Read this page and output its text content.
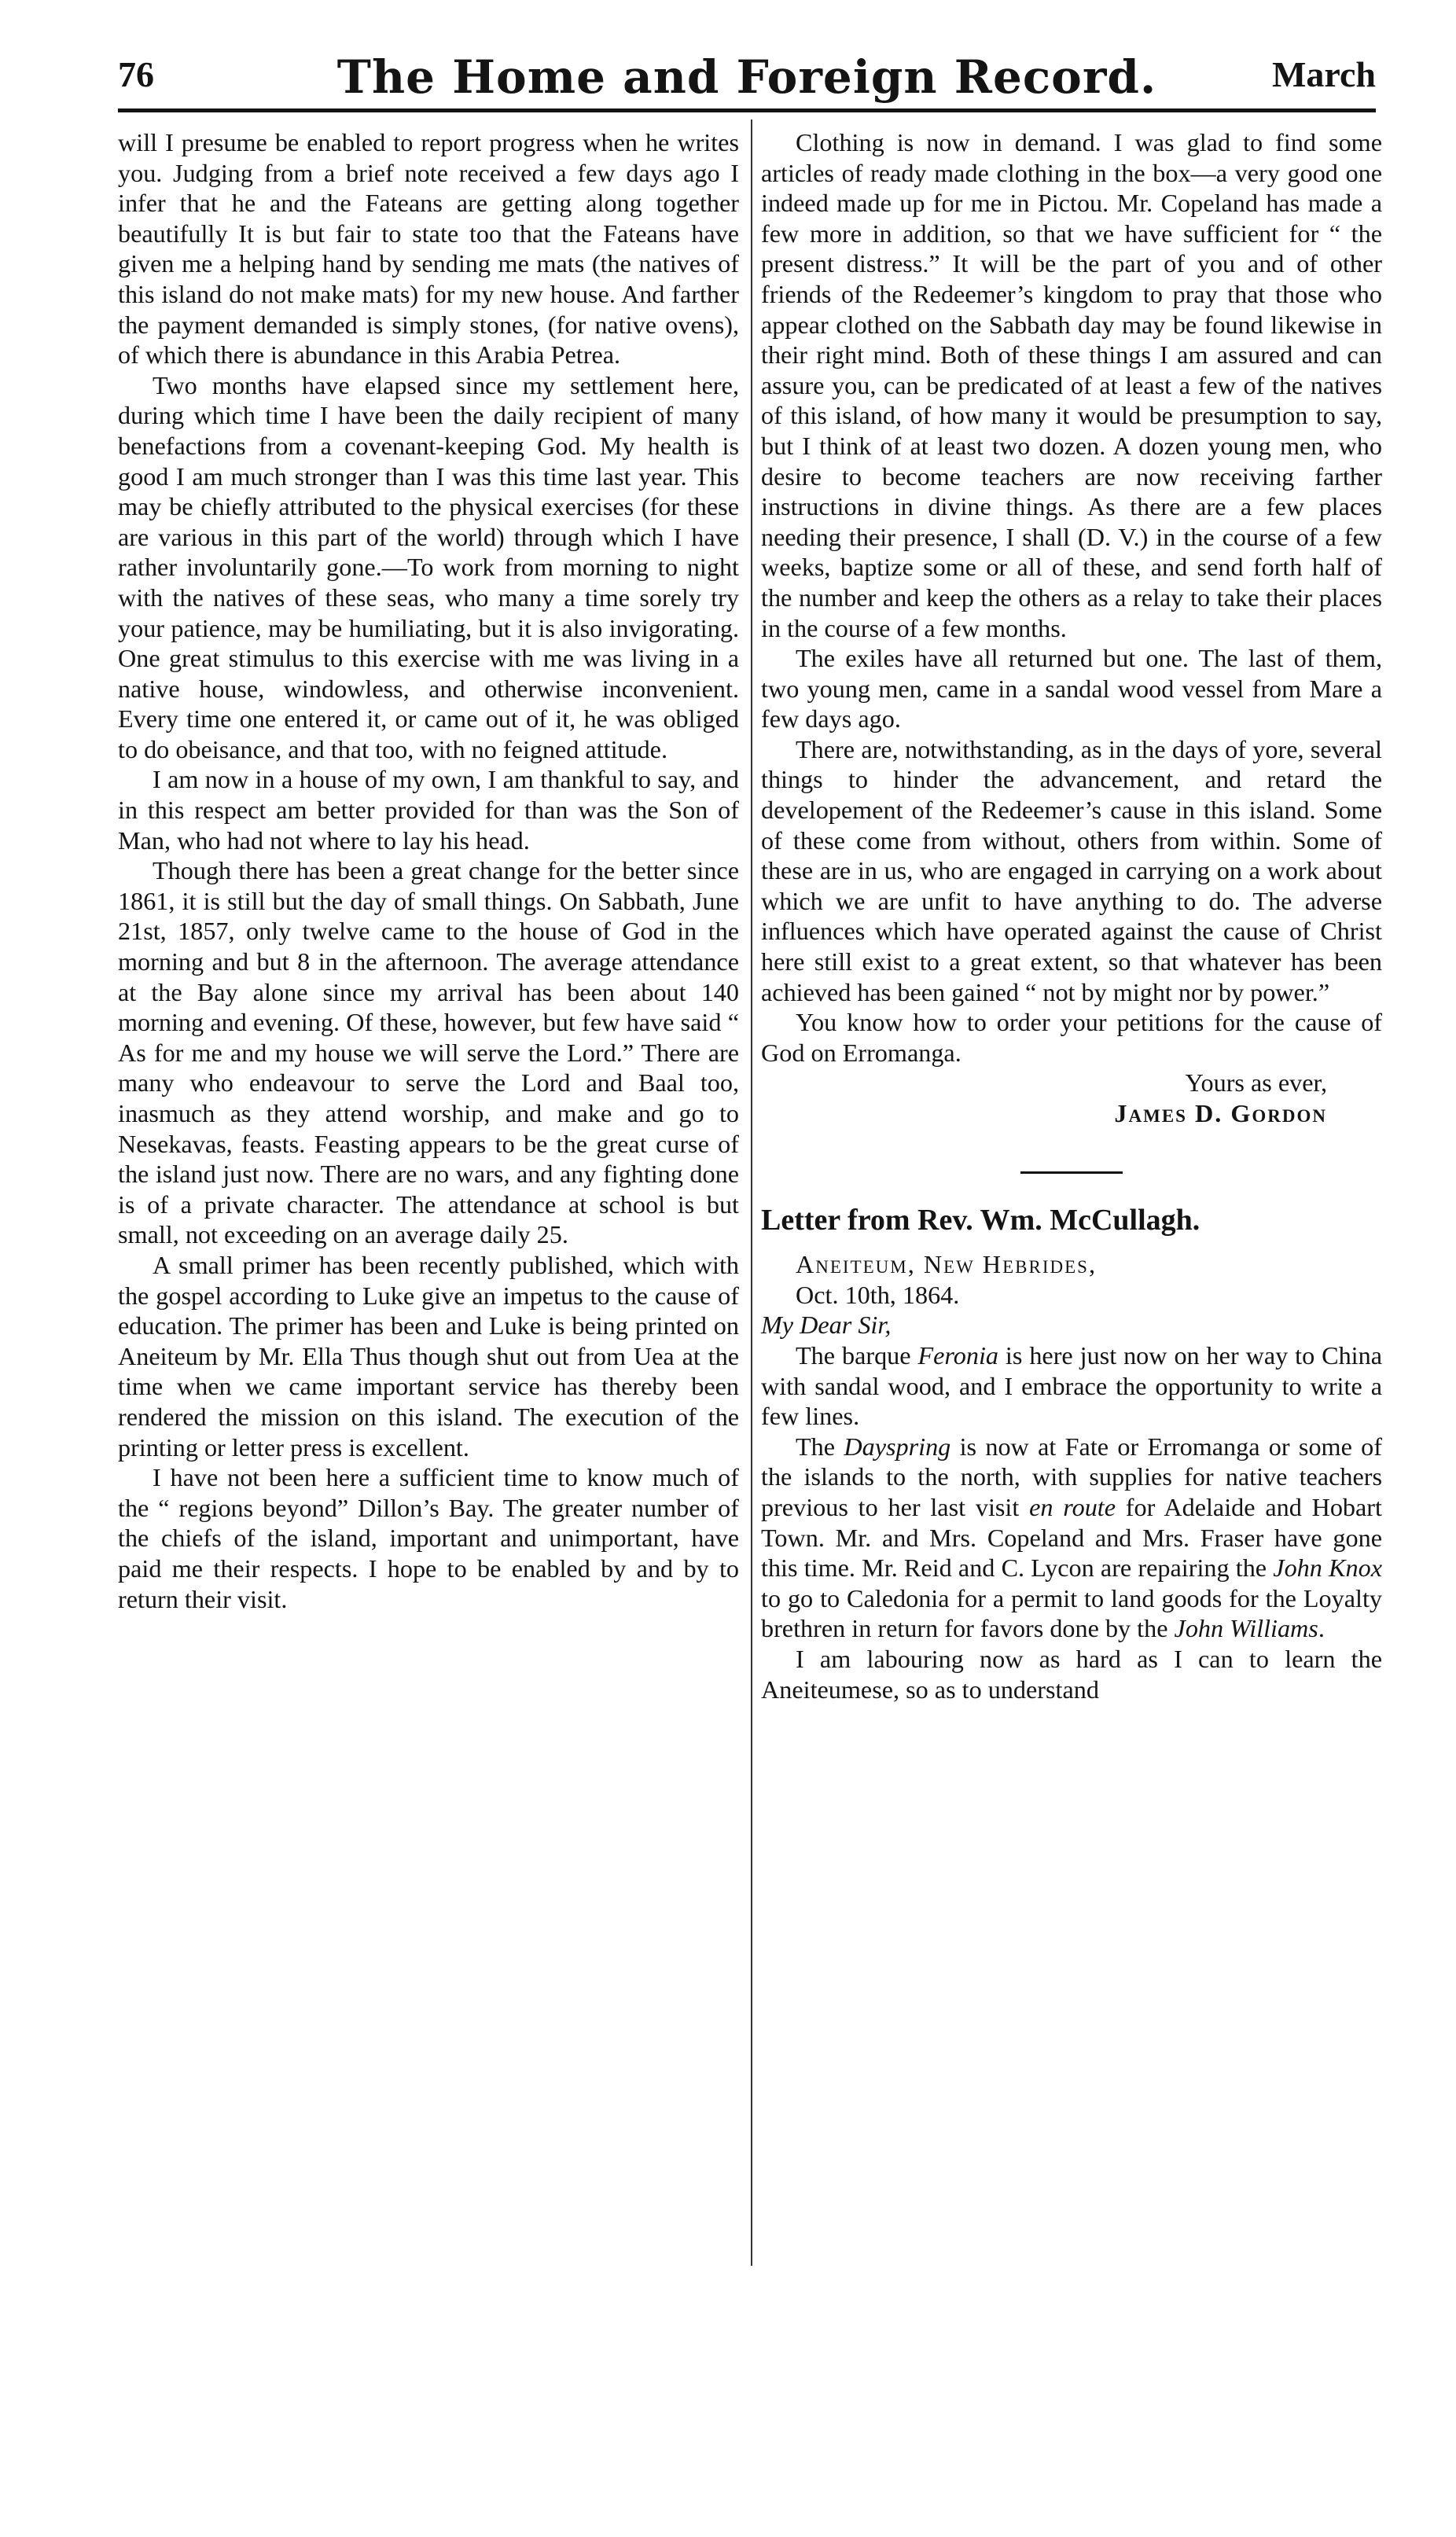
76	The Home and Foreign Record.	March

will I presume be enabled to report progress when he writes you. Judging from a brief note received a few days ago I infer that he and the Fateans are getting along together beautifully It is but fair to state too that the Fateans have given me a helping hand by sending me mats (the natives of this island do not make mats) for my new house. And farther the payment demanded is simply stones, (for native ovens), of which there is abundance in this Arabia Petrea.

Two months have elapsed since my settlement here, during which time I have been the daily recipient of many benefactions from a covenant-keeping God. My health is good I am much stronger than I was this time last year. This may be chiefly attributed to the physical exercises (for these are various in this part of the world) through which I have rather involuntarily gone.—To work from morning to night with the natives of these seas, who many a time sorely try your patience, may be humiliating, but it is also invigorating. One great stimulus to this exercise with me was living in a native house, windowless, and otherwise inconvenient. Every time one entered it, or came out of it, he was obliged to do obeisance, and that too, with no feigned attitude.

I am now in a house of my own, I am thankful to say, and in this respect am better provided for than was the Son of Man, who had not where to lay his head.

Though there has been a great change for the better since 1861, it is still but the day of small things. On Sabbath, June 21st, 1857, only twelve came to the house of God in the morning and but 8 in the afternoon. The average attendance at the Bay alone since my arrival has been about 140 morning and evening. Of these, however, but few have said “ As for me and my house we will serve the Lord.” There are many who endeavour to serve the Lord and Baal too, inasmuch as they attend worship, and make and go to Nesekavas, feasts. Feasting appears to be the great curse of the island just now. There are no wars, and any fighting done is of a private character. The attendance at school is but small, not exceeding on an average daily 25.

A small primer has been recently published, which with the gospel according to Luke give an impetus to the cause of education. The primer has been and Luke is being printed on Aneiteum by Mr. Ella Thus though shut out from Uea at the time when we came important service has thereby been rendered the mission on this island. The execution of the printing or letter press is excellent.

I have not been here a sufficient time to know much of the “ regions beyond” Dillon’s Bay. The greater number of the chiefs of the island, important and unimportant, have paid me their respects. I hope to be enabled by and by to return their visit.

Clothing is now in demand. I was glad to find some articles of ready made clothing in the box—a very good one indeed made up for me in Pictou. Mr. Copeland has made a few more in addition, so that we have sufficient for “ the present distress.” It will be the part of you and of other friends of the Redeemer’s kingdom to pray that those who appear clothed on the Sabbath day may be found likewise in their right mind. Both of these things I am assured and can assure you, can be predicated of at least a few of the natives of this island, of how many it would be presumption to say, but I think of at least two dozen. A dozen young men, who desire to become teachers are now receiving farther instructions in divine things. As there are a few places needing their presence, I shall (D. V.) in the course of a few weeks, baptize some or all of these, and send forth half of the number and keep the others as a relay to take their places in the course of a few months.

The exiles have all returned but one. The last of them, two young men, came in a sandal wood vessel from Mare a few days ago.

There are, notwithstanding, as in the days of yore, several things to hinder the advancement, and retard the developement of the Redeemer’s cause in this island. Some of these come from without, others from within. Some of these are in us, who are engaged in carrying on a work about which we are unfit to have anything to do. The adverse influences which have operated against the cause of Christ here still exist to a great extent, so that whatever has been achieved has been gained “ not by might nor by power.”

You know how to order your petitions for the cause of God on Erromanga.

Yours as ever,
James D. Gordon
Letter from Rev. Wm. McCullagh.

Aneiteum, New Hebrides,

Oct. 10th, 1864.

My Dear Sir,

The barque Feronia is here just now on her way to China with sandal wood, and I embrace the opportunity to write a few lines.

The Dayspring is now at Fate or Erromanga or some of the islands to the north, with supplies for native teachers previous to her last visit en route for Adelaide and Hobart Town. Mr. and Mrs. Copeland and Mrs. Fraser have gone this time. Mr. Reid and C. Lycon are repairing the John Knox to go to Caledonia for a permit to land goods for the Loyalty brethren in return for favors done by the John Williams.

I am labouring now as hard as I can to learn the Aneiteumese, so as to understand
